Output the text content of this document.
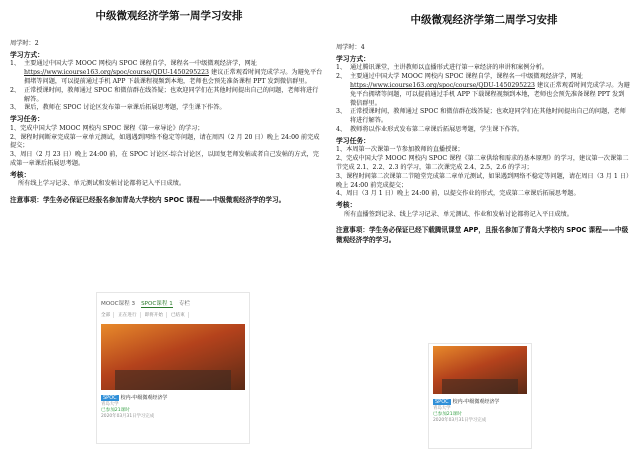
中级微观经济学第一周学习安排

周学时：2

学习方式：

1、 主要通过中国大学 MOOC 网校内 SPOC 课程自学，课程名一中级微观经济学，网址 https://www.icourse163.org/spoc/course/QDU-1450295223 建议正常观看时间完成学习。为避免平台拥堵等问题，可以提前通过手机 APP 下载课程视频到本地，老师也会预先准备课程 PPT 发到微信群里。

2、 正常授课时间，教师通过 SPOC 和微信群在线答疑；也欢迎同学们在其他时间提出自己的问题，老师将进行解答。

3、 课后，教师在 SPOC 讨论区发布第一章课后拓展思考题，学生课下作答。

学习任务：

1、完成中国大学 MOOC 网校内 SPOC 课程《第一章导论》的学习；

2、课程时间断章完成第一章单元测试，如遇遇到网络不稳定等问题，请在周四（2 月 20 日）晚上 24:00 前完成提交；

3、周日（2 月 23 日）晚上 24:00 前，在 SPOC 讨论区-综合讨论区，以回复老师发帖或者自己发帖的方式，完成第一章课后拓展思考题。

考核：

所有线上学习记录、单元测试和发帖讨论都将记入平日成绩。

注意事项：学生务必保证已经报名参加青岛大学校内 SPOC 课程——中级微观经济学的学习。

MOOC课程 3 SPOC课程 1 专栏
全部	正在进行	即将开始	已结束
SPOC 校内-中级微观经济学
青岛大学
已参加21课时
2020年03月31日学习完成

中级微观经济学第二周学习安排

周学时：4

学习方式：

1、 通过腾讯课堂，主讲教师以直播形式进行第一章经济的串讲和案例分析。

2、 主要通过中国大学 MOOC 网校内 SPOC 课程自学，课程名一中级微观经济学，网址 https://www.icourse163.org/spoc/course/QDU-1450295223 建议正常观看时间完成学习。为避免平台拥堵等问题，可以提前通过手机 APP 下载课程视频到本地，老师也会预先准备课程 PPT 发到微信群里。

3、 正常授课时间，教师通过 SPOC 和微信群在线答疑；也欢迎同学们在其他时间提出自己的问题，老师将进行解答。

4、 教师将以作业形式发布第二章课后拓展思考题，学生课下作答。

学习任务：

1、本周第一次课第一节参加教师的直播授课；

2、完成中国大学 MOOC 网校内 SPOC 课程《第二章供给和需求的基本原理》的学习，建议第一次课第二节完成 2.1、2.2、2.3 的学习，第二次课完成 2.4、2.5、2.6 的学习；

3、课程时间第二次课第二节随堂完成第二章单元测试，如果遇到网络不稳定等问题，请在周日（3 月 1 日）晚上 24:00 前完成提交；

4、周日（3 月 1 日）晚上 24:00 前，以提交作业的形式，完成第二章课后拓展思考题。

考核：

所有直播签到记录、线上学习记录、单元测试、作业和发帖讨论都将记入平日成绩。

注意事项：学生务必保证已经下载腾讯课堂 APP，且报名参加了青岛大学校内 SPOC 课程——中级微观经济学的学习。

SPOC 校内-中级微观经济学
青岛大学
已参加21课时
2020年03月31日学习完成
